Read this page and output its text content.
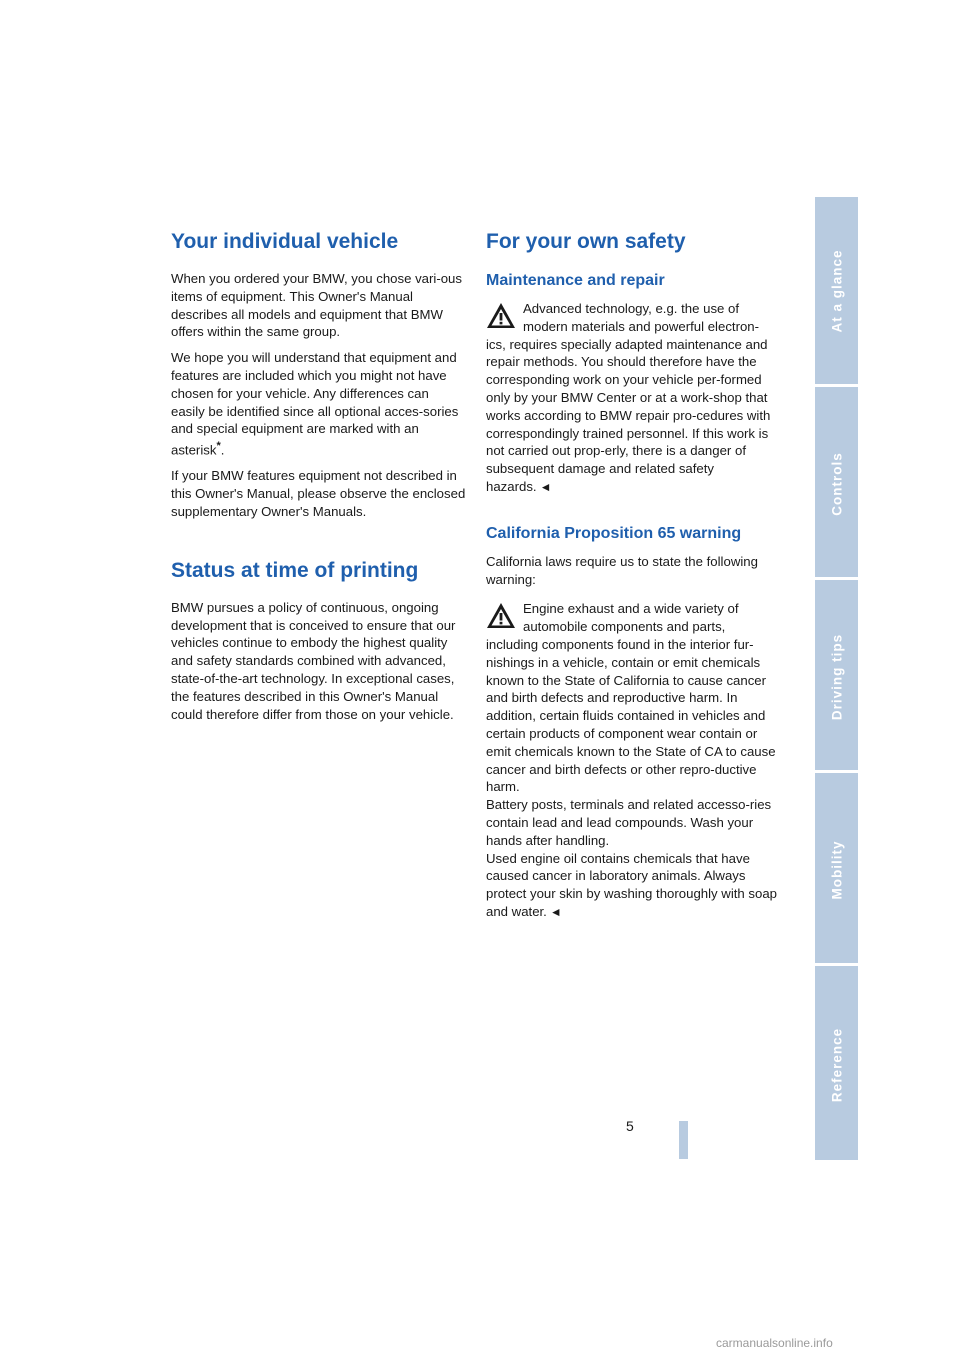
Your individual vehicle

When you ordered your BMW, you chose vari-ous items of equipment. This Owner's Manual describes all models and equipment that BMW offers within the same group.

We hope you will understand that equipment and features are included which you might not have chosen for your vehicle. Any differences can easily be identified since all optional acces-sories and special equipment are marked with an asterisk*.

If your BMW features equipment not described in this Owner's Manual, please observe the enclosed supplementary Owner's Manuals.

Status at time of printing

BMW pursues a policy of continuous, ongoing development that is conceived to ensure that our vehicles continue to embody the highest quality and safety standards combined with advanced, state-of-the-art technology. In exceptional cases, the features described in this Owner's Manual could therefore differ from those on your vehicle.

For your own safety
Maintenance and repair

Advanced technology, e.g. the use of modern materials and powerful electron-

ics, requires specially adapted maintenance and repair methods. You should therefore have the corresponding work on your vehicle per-formed only by your BMW Center or at a work-shop that works according to BMW repair pro-cedures with correspondingly trained personnel. If this work is not carried out prop-erly, there is a danger of subsequent damage and related safety hazards. ◄

California Proposition 65 warning

California laws require us to state the following warning:

Engine exhaust and a wide variety of automobile components and parts,

including components found in the interior fur-nishings in a vehicle, contain or emit chemicals known to the State of California to cause cancer and birth defects and reproductive harm. In addition, certain fluids contained in vehicles and certain products of component wear contain or emit chemicals known to the State of CA to cause cancer and birth defects or other repro-ductive harm.

Battery posts, terminals and related accesso-ries contain lead and lead compounds. Wash your hands after handling.

Used engine oil contains chemicals that have caused cancer in laboratory animals. Always protect your skin by washing thoroughly with soap and water. ◄

At a glance
Controls
Driving tips
Mobility
Reference
5
carmanualsonline.info
